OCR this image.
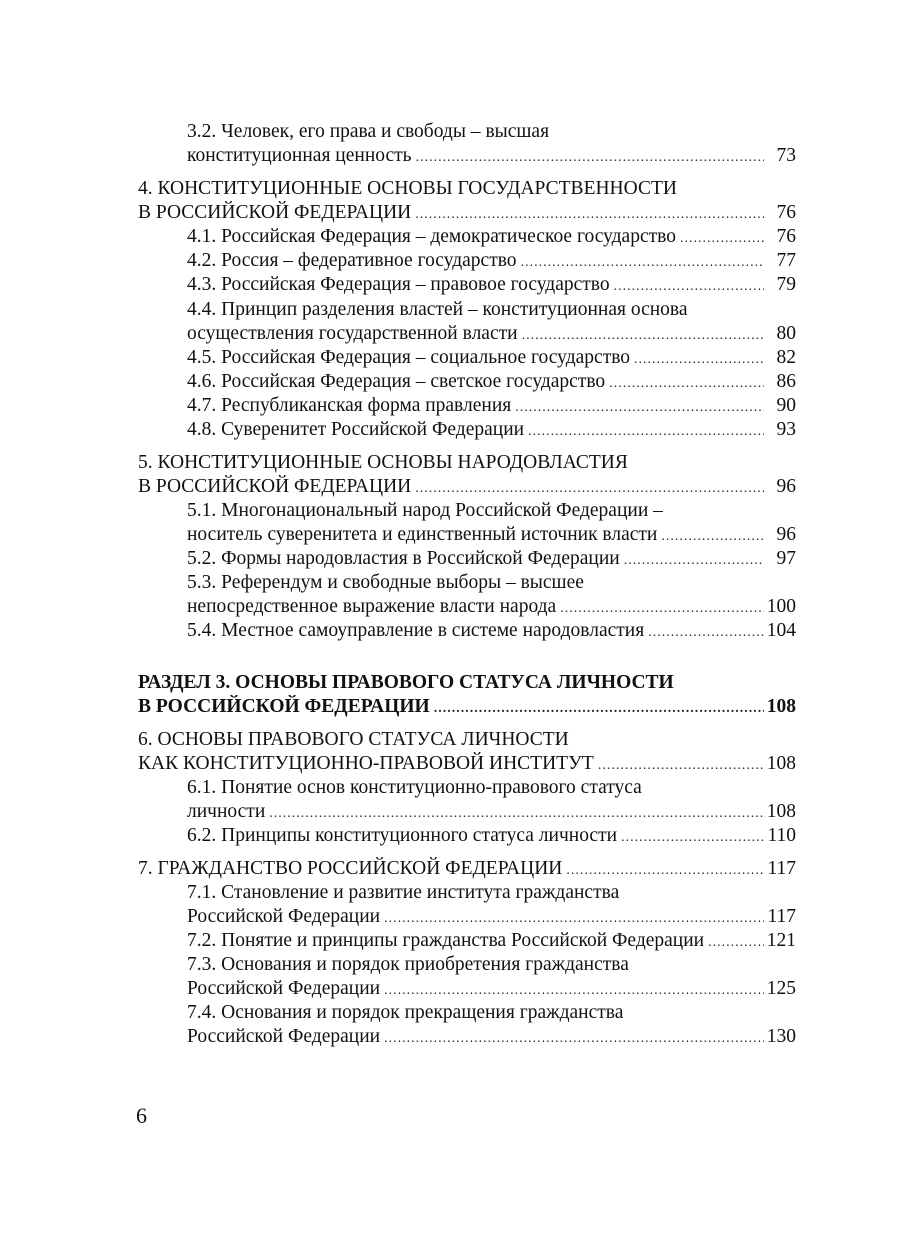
3.2. Человек, его права и свободы – высшая
конституционная ценность .....	73
4. КОНСТИТУЦИОННЫЕ ОСНОВЫ ГОСУДАРСТВЕННОСТИ
В РОССИЙСКОЙ ФЕДЕРАЦИИ .....	76
4.1. Российская Федерация – демократическое государство .....	76
4.2. Россия – федеративное государство .....	77
4.3. Российская Федерация – правовое государство .....	79
4.4. Принцип разделения властей – конституционная основа
осуществления государственной власти .....	80
4.5. Российская Федерация – социальное государство .....	82
4.6. Российская Федерация – светское государство .....	86
4.7. Республиканская форма правления .....	90
4.8. Суверенитет Российской Федерации .....	93
5. КОНСТИТУЦИОННЫЕ ОСНОВЫ НАРОДОВЛАСТИЯ
В РОССИЙСКОЙ ФЕДЕРАЦИИ .....	96
5.1. Многонациональный народ Российской Федерации –
носитель суверенитета и единственный источник власти .....	96
5.2. Формы народовластия в Российской Федерации .....	97
5.3. Референдум и свободные выборы – высшее
непосредственное выражение власти народа .....	100
5.4. Местное самоуправление в системе народовластия .....	104
РАЗДЕЛ 3. ОСНОВЫ ПРАВОВОГО СТАТУСА ЛИЧНОСТИ
В РОССИЙСКОЙ ФЕДЕРАЦИИ .....	108
6. ОСНОВЫ ПРАВОВОГО СТАТУСА ЛИЧНОСТИ
КАК КОНСТИТУЦИОННО-ПРАВОВОЙ ИНСТИТУТ .....	108
6.1. Понятие основ конституционно-правового статуса
личности .....	108
6.2. Принципы конституционного статуса личности .....	110
7. ГРАЖДАНСТВО РОССИЙСКОЙ ФЕДЕРАЦИИ .....	117
7.1. Становление и развитие института гражданства
Российской Федерации .....	117
7.2. Понятие и принципы гражданства Российской Федерации .....	121
7.3. Основания и порядок приобретения гражданства
Российской Федерации .....	125
7.4. Основания и порядок прекращения гражданства
Российской Федерации .....	130
6
